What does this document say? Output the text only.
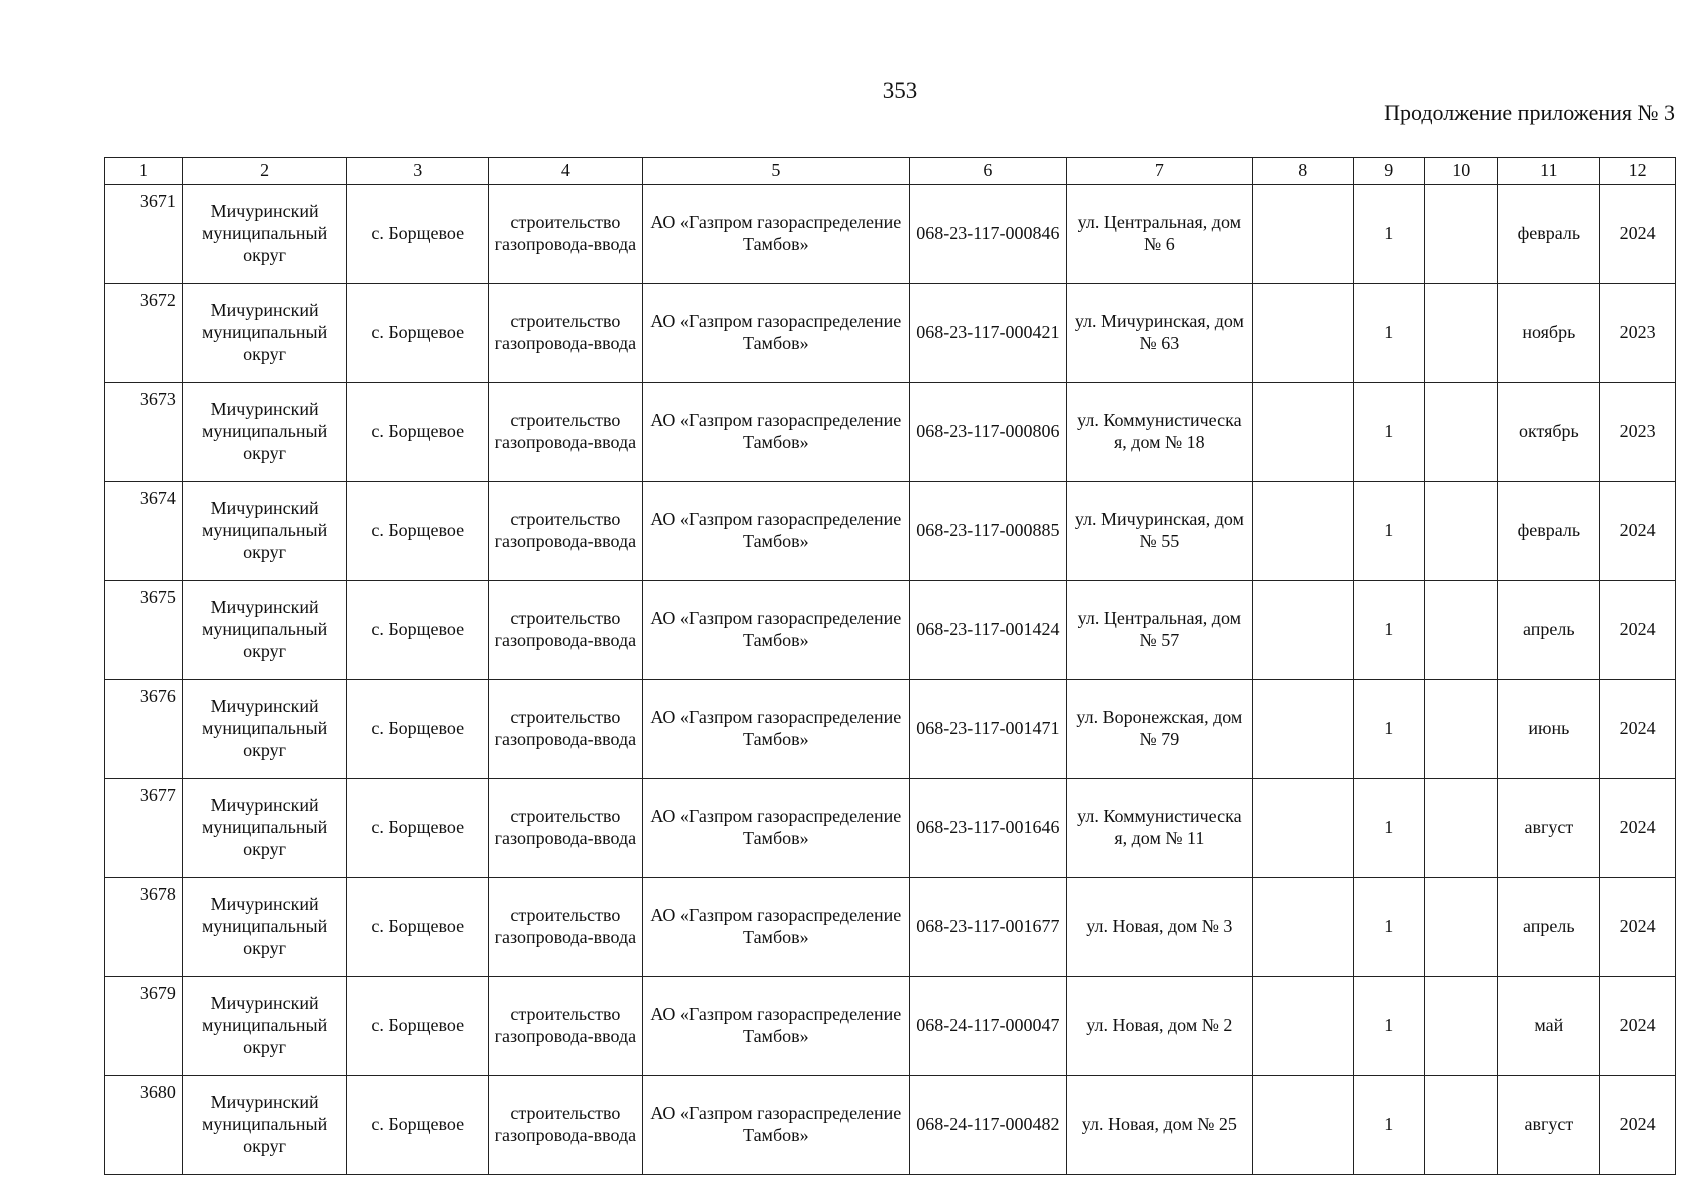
353
Продолжение приложения № 3
1	2	3	4	5	6	7	8	9	10	11	12
3671	Мичуринский муниципальный округ	с. Борщевое	строительство газопровода-ввода	АО «Газпром газораспределение Тамбов»	068-23-117-000846	ул. Центральная, дом № 6		1		февраль	2024
3672	Мичуринский муниципальный округ	с. Борщевое	строительство газопровода-ввода	АО «Газпром газораспределение Тамбов»	068-23-117-000421	ул. Мичуринская, дом № 63		1		ноябрь	2023
3673	Мичуринский муниципальный округ	с. Борщевое	строительство газопровода-ввода	АО «Газпром газораспределение Тамбов»	068-23-117-000806	ул. Коммунистическа я, дом № 18		1		октябрь	2023
3674	Мичуринский муниципальный округ	с. Борщевое	строительство газопровода-ввода	АО «Газпром газораспределение Тамбов»	068-23-117-000885	ул. Мичуринская, дом № 55		1		февраль	2024
3675	Мичуринский муниципальный округ	с. Борщевое	строительство газопровода-ввода	АО «Газпром газораспределение Тамбов»	068-23-117-001424	ул. Центральная, дом № 57		1		апрель	2024
3676	Мичуринский муниципальный округ	с. Борщевое	строительство газопровода-ввода	АО «Газпром газораспределение Тамбов»	068-23-117-001471	ул. Воронежская, дом № 79		1		июнь	2024
3677	Мичуринский муниципальный округ	с. Борщевое	строительство газопровода-ввода	АО «Газпром газораспределение Тамбов»	068-23-117-001646	ул. Коммунистическа я, дом № 11		1		август	2024
3678	Мичуринский муниципальный округ	с. Борщевое	строительство газопровода-ввода	АО «Газпром газораспределение Тамбов»	068-23-117-001677	ул. Новая, дом № 3		1		апрель	2024
3679	Мичуринский муниципальный округ	с. Борщевое	строительство газопровода-ввода	АО «Газпром газораспределение Тамбов»	068-24-117-000047	ул. Новая, дом № 2		1		май	2024
3680	Мичуринский муниципальный округ	с. Борщевое	строительство газопровода-ввода	АО «Газпром газораспределение Тамбов»	068-24-117-000482	ул. Новая, дом № 25		1		август	2024
